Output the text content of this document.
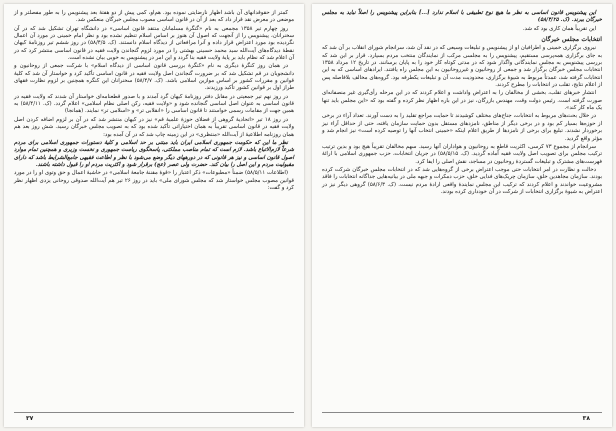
کمتر از حقوقدانهای آن باشد اظهار نارضایتی نموده بود. هم‌او، کمی پیش از دو هفتهٔ بعد پیشنویس را به طور مفصلتر و از موضعی در معرض نقد قرار داد که بعد از آن در قانون اساسی مصوب مجلس خبرگان منعکس شد.

روز چهارم تیر ۱۳۵۸ مجمعی به نام «گنگرهٔ مسلمانان منتقد قانون اساسی» در دانشگاه تهران تشکیل شد که در آن سخنرانان، پیشنویس را از آنجهت که اصول آن هنوز بر اساس اسلام تنظیم نشده بود و نظر امام خمینی در مورد آن اعمال نگردیده بود مورد اعتراض قرار داده و آنرا مرافعاتی از دیدگاه اسلام دانستند. (ک. ۵۸/۴/۵) در روز ششم تیر روزنامهٔ کیهان نقطهٔ دیدگاه‌های آیت‌الله سید محمد حسینی بهشتی را در مورد لزوم گنجاندن ولایت فقیه در قانون اساسی منتشر کرد که در آن اعلام شد که نظام باید بر پایهٔ ولایت فقیه بنا گردد و این امر در پیشنویس به خوبی بیان نشده است.

در همان روز کنگرهٔ دیگری به نام «کنگرهٔ بررسی قانون اساسی از دیدگاه اسلام» با شرکت جمعی از روحانیون و دانشجویان در قم تشکیل شد که بر ضرورت گنجاندن اصل ولایت فقیه در قانون اساسی تأکید کرد و خواستار آن شد که کلیهٔ قوانین و مقررات کشور بر اساس موازین اسلامی باشد. (ک. ۵۸/۴/۷) سخنرانان این کنگره همچنین بر لزوم نظارت فقهای طراز اول بر قوانین کشور تأکید ورزیدند.

در روز نهم تیر جمعیتی در مقابل دفتر روزنامهٔ کیهان گرد آمدند و با صدور قطعنامه‌ای خواستار آن شدند که ولایت فقیه در قانون اساسی به عنوان اصل اساسی گنجانده شود و «ولایت فقیه، رکن اصلی نظام اسلامی» اعلام گردد. (ک. ۵۸/۴/۱۱) به همین جهت از مقامات رسمی خواستند تا قانون اساسی را «انقلابی تر» و «اسلامی تر» نمایند. (همانجا)

در روز ۱۸ تیر «اتحادیهٔ گروهی از فضلای حوزهٔ علمیهٔ قم» نیز در کیهان منتشر شد که در آن بر لزوم اضافه کردن اصل ولایت فقیه در قانون اساسی تقریباً به همان اختیاراتی تأکید شده بود که به تصویب مجلس خبرگان رسید. شش روز بعد هم همان روزنامه اطلاعیهٔ از آیت‌الله «منتظری» در این زمینه چاپ شد که در آن آمده بود:

نظر ما این که حکومت جمهوری اسلامی ایران باید مبتنی بر حد اسلامی و کلیهٔ دستورات جمهوری اسلامی برای مردم شرعاً لازم‌الاتباع باشد. لازم است که تمام مناصب مملکتی، پاسخگوی ریاست جمهوری و نخست وزیری و همچنین تمام موارد اصول قانون اساسی و نیز هر قانونی که در دورههای دیگر وضع می‌شود با نظر و اطاعت فقیهی جامع‌الشرایط باشد که دارای مقبولیت مردم و این اصل را بیان کند. حضرت ولی عصر (عج) برقرار شود و اکثریت مردم او را قبول داشته باشند.

(اطلاعات ۵۸/۵/۱۱) ضمناً «مطبوعات» ذکر اعتبار را «قوهٔ مقننهٔ جامعهٔ اسلامی» در حاشیهٔ اعمال و حق وتوی او را در مورد قوانین مصوب مجلس خواستار شد که مجلس شورای ملی» باید در روز ۲۶ تیر هم آیت‌الله صدوقی روحانی یزدی اظهار نظر کرد و گفت:

۳۷

این پیشنویس قانون اساسی به نظر ما هیچ نوع تطبیقی با اسلام ندارد [...] بنابراین پیشنویس را اصلاً نباید به مجلس خبرگان ببرند. (ک. ۵۸/۴/۲۵)

این تقریباً همان کاری بود که شد.

انتخابات مجلس خبرگان

نیروی برگزاری خمینی و اطرافیان او از پیشنویس و تبلیغات وسیعی که در نقد آن شد، سرانجام شورای انقلاب بر آن شد که به جای برگزاری همه‌پرسی مستقیم، پیشنویس را به مجلسی مرکب از نمایندگان منتخب مردم بسپارد. قرار بر این شد که بررسی پیشنویس به مجلس نمایندگانی واگذار شود که در مدتی کوتاه کار خود را به پایان برسانند. در تاریخ ۱۲ مرداد ۱۳۵۸ انتخابات مجلس خبرگان برگزار شد و جمعی از روحانیون و غیرروحانیون به این مجلس راه یافتند. ایرادهای اساسی که به این انتخابات گرفته شد، عمدتاً مربوط به شیوهٔ برگزاری، محدودیت مدت آن و تبلیغات یکطرفه بود. گروه‌های مخالف بلافاصله پس از اعلام نتایج، تقلب در انتخابات را مطرح کردند.

انتشار خبرهای تقلب، بخشی از مخالفان را به اعتراض واداشت و اعلام کردند که در این مرحله رأی‌گیری غیر منصفانه‌ای صورت گرفته است. رئیس دولت وقت، مهندس بازرگان، نیز در این باره اظهار نظر کرده و گفته بود که «این مجلس باید تنها یک ماه کار کند».

در خلال بحث‌های مربوط به انتخابات، جناح‌های مختلف کوشیدند تا حمایت مراجع تقلید را به دست آورند. تعداد آراء در برخی از حوزه‌ها بسیار کم بود و در برخی دیگر از مناطق، نامزدهای مستقل بدون حمایت سازمان یافته، حتی از حداقل آراء نیز برخوردار نشدند. تبلیغ برای برخی از نامزدها از طریق اعلام اینکه «خمینی انتخاب آنها را توصیه کرده است» نیز انجام شد و مؤثر واقع گردید.

سرانجام از مجموع ۷۳ کرسی، اکثریت قاطع به روحانیون و هواداران آنها رسید. سهم مخالفان تقریباً هیچ بود و بدین ترتیب ترکیب مجلس برای تصویب اصل ولایت فقیه آماده گردید. (ک. ۵۸/۵/۱۵) در جریان انتخابات، حزب جمهوری اسلامی با ارائهٔ فهرست‌های مشترک و تبلیغات گستردهٔ روحانیون در مساجد، نقش اصلی را ایفا کرد.

دخالت و نظارت در امر انتخابات حتی موجب اعتراض برخی از گروه‌هایی شد که در انتخابات مجلس خبرگان شرکت کرده بودند. سازمان مجاهدین خلق، سازمان چریک‌های فدایی خلق، حزب دمکرات و جبهه ملی در بیانیه‌هایی جداگانه انتخابات را فاقد مشروعیت خواندند و اعلام کردند که ترکیب این مجلس نمایندهٔ واقعی ارادهٔ مردم نیست. (ک. ۵۸/۶/۳) گروهی دیگر نیز در اعتراض به شیوهٔ برگزاری انتخابات از شرکت در آن خودداری کرده بودند.

۳۸
